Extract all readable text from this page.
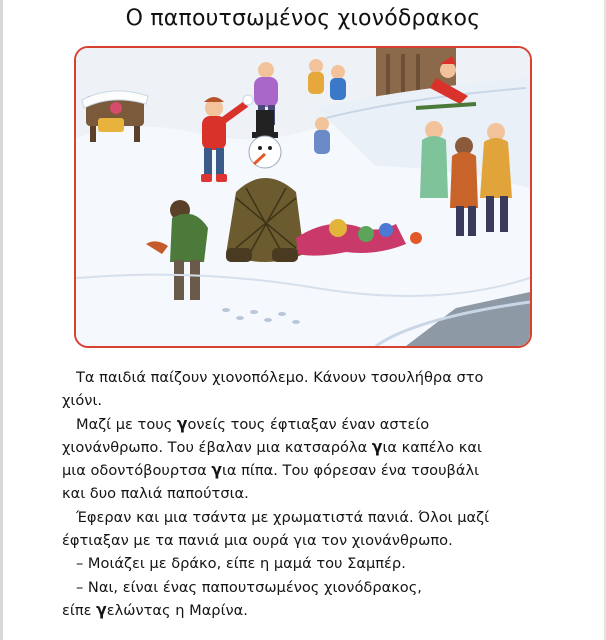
Ο παπουτσωμένος χιονόδρακος

Τα παιδιά παίζουν χιονοπόλεμο. Κάνουν τσουλήθρα στο

χιόνι.

Μαζί με τους γονείς τους έφτιαξαν έναν αστείο

χιονάνθρωπο. Του έβαλαν μια κατσαρόλα για καπέλο και

μια οδοντόβουρτσα για πίπα. Του φόρεσαν ένα τσουβάλι

και δυο παλιά παπούτσια.

Έφεραν και μια τσάντα με χρωματιστά πανιά. Όλοι μαζί

έφτιαξαν με τα πανιά μια ουρά για τον χιονάνθρωπο.

– Μοιάζει με δράκο, είπε η μαμά του Σαμπέρ.

– Ναι, είναι ένας παπουτσωμένος χιονόδρακος,

είπε γελώντας η Μαρίνα.
